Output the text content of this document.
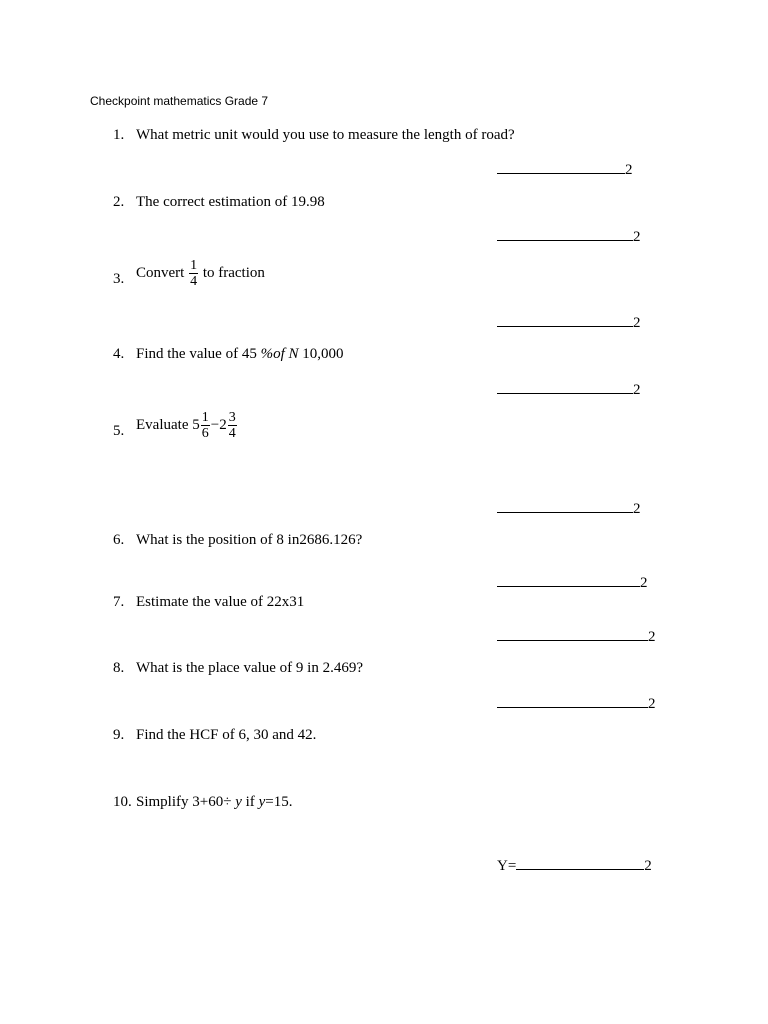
Checkpoint mathematics Grade 7
1. What metric unit would you use to measure the length of road?
2
2. The correct estimation of 19.98
2
3. Convert $\frac{1}{4}$ to fraction
2
4. Find the value of 45 %of N 10,000
2
5. Evaluate $5 \frac{1}{6} -2 \frac{3}{4}$
2
6. What is the position of 8 in2686.126?
2
7. Estimate the value of 22x31
2
8. What is the place value of 9 in 2.469?
2
9. Find the HCF of 6, 30 and 42.
10. Simplify 3+60÷ y if y=15.
Y=	2
